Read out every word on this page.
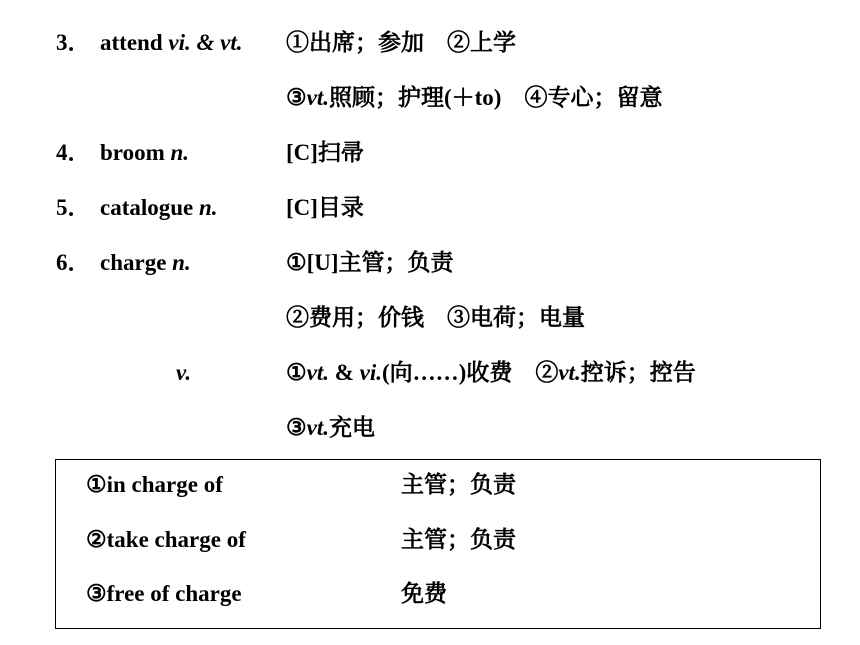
3． attend vi. & vt. ①出席；参加　②上学
③vt.照顾；护理(＋to)　④专心；留意
4． broom n.	[C]扫帚
5． catalogue n.	[C]目录
6． charge n.	①[U]主管；负责
②费用；价钱　③电荷；电量
v.	①vt. & vi.(向……)收费　②vt.控诉；控告
③vt.充电
①in charge of	主管；负责
②take charge of	主管；负责
③free of charge	免费
